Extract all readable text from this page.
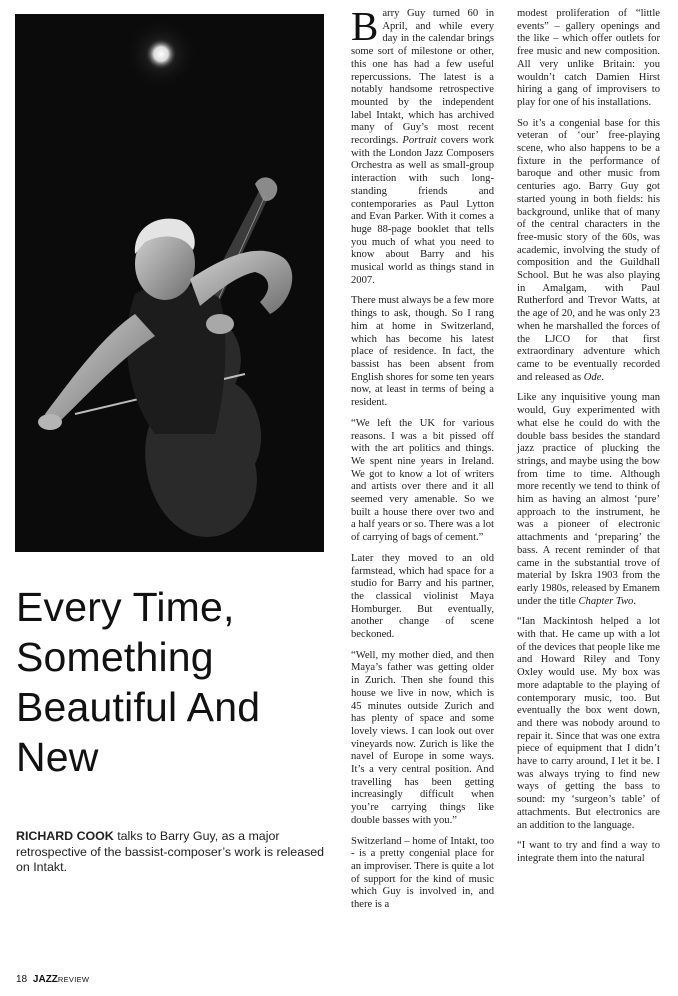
Every Time,
Something
Beautiful And
New
RICHARD COOK talks to Barry Guy, as a major retrospective of the bassist-composer’s work is released on Intakt.

Barry Guy turned 60 in April, and while every day in the calendar brings some sort of milestone or other, this one has had a few useful repercussions. The latest is a notably handsome retrospective mounted by the independent label Intakt, which has archived many of Guy’s most recent recordings. Portrait covers work with the London Jazz Composers Orchestra as well as small-group interaction with such long-standing friends and contemporaries as Paul Lytton and Evan Parker. With it comes a huge 88-page booklet that tells you much of what you need to know about Barry and his musical world as things stand in 2007.

There must always be a few more things to ask, though. So I rang him at home in Switzerland, which has become his latest place of residence. In fact, the bassist has been absent from English shores for some ten years now, at least in terms of being a resident.

“We left the UK for various reasons. I was a bit pissed off with the art politics and things. We spent nine years in Ireland. We got to know a lot of writers and artists over there and it all seemed very amenable. So we built a house there over two and a half years or so. There was a lot of carrying of bags of cement.”

Later they moved to an old farmstead, which had space for a studio for Barry and his partner, the classical violinist Maya Homburger. But eventually, another change of scene beckoned.

“Well, my mother died, and then Maya’s father was getting older in Zurich. Then she found this house we live in now, which is 45 minutes outside Zurich and has plenty of space and some lovely views. I can look out over vineyards now. Zurich is like the navel of Europe in some ways. It’s a very central position. And travelling has been getting increasingly difficult when you’re carrying things like double basses with you.”

Switzerland – home of Intakt, too - is a pretty congenial place for an improviser. There is quite a lot of support for the kind of music which Guy is involved in, and there is a

modest proliferation of “little events” – gallery openings and the like – which offer outlets for free music and new composition. All very unlike Britain: you wouldn’t catch Damien Hirst hiring a gang of improvisers to play for one of his installations.

So it’s a congenial base for this veteran of ‘our’ free-playing scene, who also happens to be a fixture in the performance of baroque and other music from centuries ago. Barry Guy got started young in both fields: his background, unlike that of many of the central characters in the free-music story of the 60s, was academic, involving the study of composition and the Guildhall School. But he was also playing in Amalgam, with Paul Rutherford and Trevor Watts, at the age of 20, and he was only 23 when he marshalled the forces of the LJCO for that first extraordinary adventure which came to be eventually recorded and released as Ode.

Like any inquisitive young man would, Guy experimented with what else he could do with the double bass besides the standard jazz practice of plucking the strings, and maybe using the bow from time to time. Although more recently we tend to think of him as having an almost ‘pure’ approach to the instrument, he was a pioneer of electronic attachments and ‘preparing’ the bass. A recent reminder of that came in the substantial trove of material by Iskra 1903 from the early 1980s, released by Emanem under the title Chapter Two.

“Ian Mackintosh helped a lot with that. He came up with a lot of the devices that people like me and Howard Riley and Tony Oxley would use. My box was more adaptable to the playing of contemporary music, too. But eventually the box went down, and there was nobody around to repair it. Since that was one extra piece of equipment that I didn’t have to carry around, I let it be. I was always trying to find new ways of getting the bass to sound: my ‘surgeon’s table’ of attachments. But electronics are an addition to the language.

“I want to try and find a way to integrate them into the natural

18 JAZZREVIEW
